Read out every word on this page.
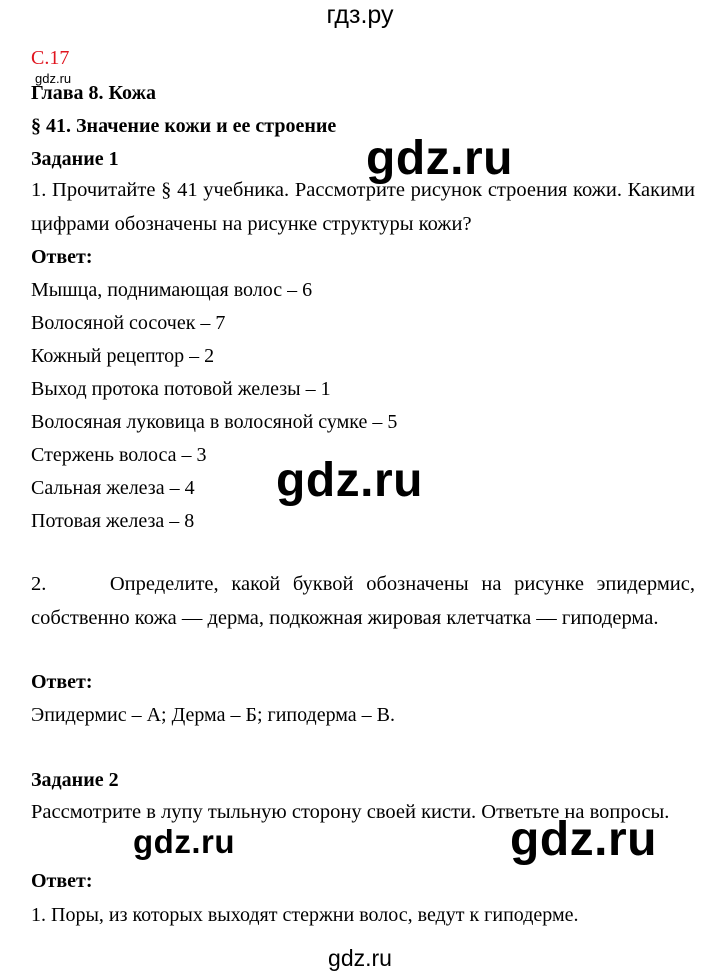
гдз.ру
С.17
gdz.ru
Глава 8. Кожа
§ 41. Значение кожи и ее строение
Задание 1
1. Прочитайте § 41 учебника. Рассмотрите рисунок строения кожи. Какими цифрами обозначены на рисунке структуры кожи?
Ответ:
Мышца, поднимающая волос – 6
Волосяной сосочек – 7
Кожный рецептор – 2
Выход протока потовой железы – 1
Волосяная луковица в волосяной сумке – 5
Стержень волоса – 3
Сальная железа – 4
Потовая железа – 8
2.     Определите, какой буквой обозначены на рисунке эпидермис, собственно кожа — дерма, подкожная жировая клетчатка — гиподерма.
Ответ:
Эпидермис – А; Дерма – Б; гиподерма – В.
Задание 2
Рассмотрите в лупу тыльную сторону своей кисти. Ответьте на вопросы.
Ответ:
1. Поры, из которых выходят стержни волос, ведут к гиподерме.
gdz.ru
gdz.ru
gdz.ru	gdz.ru
gdz.ru
